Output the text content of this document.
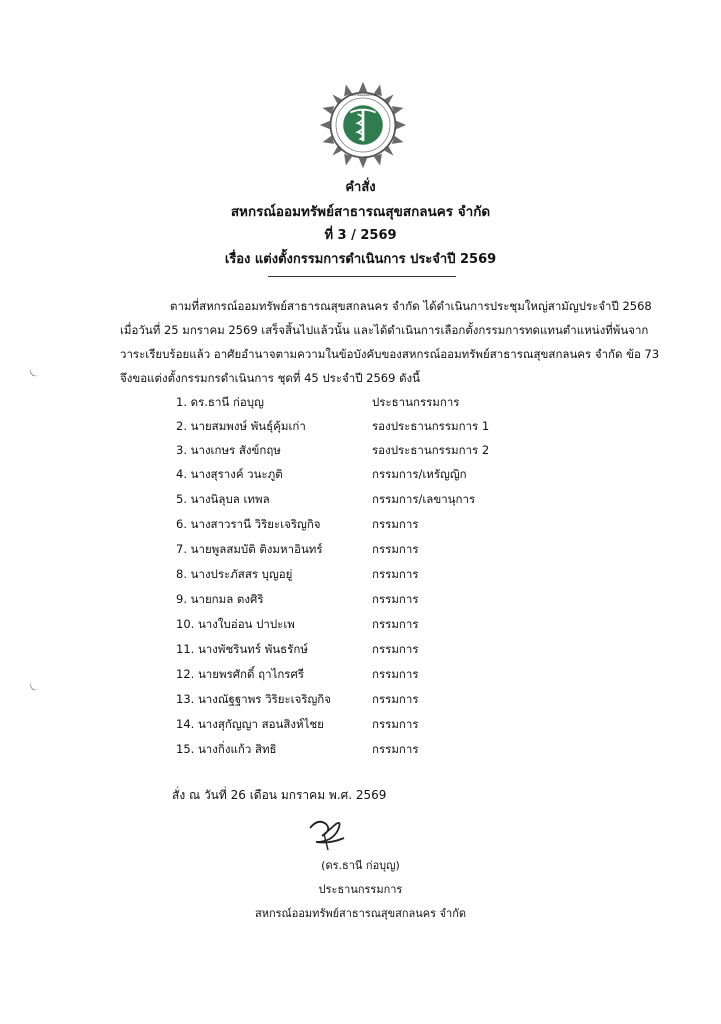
สหกรณ์ออมทรัพย์
คำสั่ง
สหกรณ์ออมทรัพย์สาธารณสุขสกลนคร จำกัด
ที่ 3 / 2569
เรื่อง แต่งตั้งกรรมการดำเนินการ ประจำปี 2569
ตามที่สหกรณ์ออมทรัพย์สาธารณสุขสกลนคร จำกัด ได้ดำเนินการประชุมใหญ่สามัญประจำปี 2568
เมื่อวันที่ 25 มกราคม 2569 เสร็จสิ้นไปแล้วนั้น และได้ดำเนินการเลือกตั้งกรรมการทดแทนตำแหน่งที่พ้นจาก
วาระเรียบร้อยแล้ว อาศัยอำนาจตามความในข้อบังคับของสหกรณ์ออมทรัพย์สาธารณสุขสกลนคร จำกัด ข้อ 73
จึงขอแต่งตั้งกรรมกรดำเนินการ ชุดที่ 45 ประจำปี 2569 ดังนี้
1. ดร.ธานี ก่อบุญ	ประธานกรรมการ
2. นายสมพงษ์ พันธุ์คุ้มเก่า	รองประธานกรรมการ 1
3. นางเกษร สังข์กฤษ	รองประธานกรรมการ 2
4. นางสุรางค์ วนะภูติ	กรรมการ/เหรัญญิก
5. นางนิลุบล เทพล	กรรมการ/เลขานุการ
6. นางสาวรานี วิริยะเจริญกิจ	กรรมการ
7. นายพูลสมบัติ ติงมหาอินทร์	กรรมการ
8. นางประภัสสร บุญอยู่	กรรมการ
9. นายกมล ตงศิริ	กรรมการ
10. นางใบอ่อน ปาปะเพ	กรรมการ
11. นางพัชรินทร์ พันธรักษ์	กรรมการ
12. นายพรศักดิ์ ฤาไกรศรี	กรรมการ
13. นางณัฐฐาพร วิริยะเจริญกิจ	กรรมการ
14. นางสุกัญญา สอนสิงห์ไชย	กรรมการ
15. นางกิ่งแก้ว สิทธิ	กรรมการ
สั่ง ณ วันที่ 26 เดือน มกราคม พ.ศ. 2569
(ดร.ธานี ก่อบุญ)
ประธานกรรมการ
สหกรณ์ออมทรัพย์สาธารณสุขสกลนคร จำกัด
